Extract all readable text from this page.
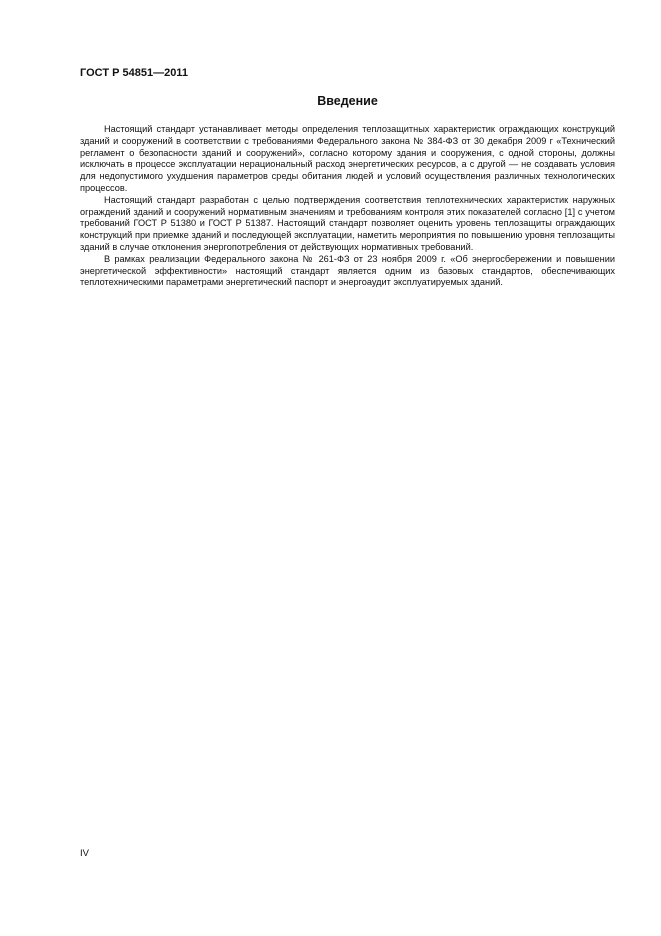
ГОСТ Р 54851—2011
Введение

Настоящий стандарт устанавливает методы определения теплозащитных характеристик ограждающих конструкций зданий и сооружений в соответствии с требованиями Федерального закона № 384-ФЗ от 30 декабря 2009 г «Технический регламент о безопасности зданий и сооружений», согласно которому здания и сооружения, с одной стороны, должны исключать в процессе эксплуатации нерациональный расход энергетических ресурсов, а с другой — не создавать условия для недопустимого ухудшения параметров среды обитания людей и условий осуществления различных технологических процессов.

Настоящий стандарт разработан с целью подтверждения соответствия теплотехнических характеристик наружных ограждений зданий и сооружений нормативным значениям и требованиям контроля этих показателей согласно [1] с учетом требований ГОСТ Р 51380 и ГОСТ Р 51387. Настоящий стандарт позволяет оценить уровень теплозащиты ограждающих конструкций при приемке зданий и последующей эксплуатации, наметить мероприятия по повышению уровня теплозащиты зданий в случае отклонения энергопотребления от действующих нормативных требований.

В рамках реализации Федерального закона № 261-ФЗ от 23 ноября 2009 г. «Об энергосбережении и повышении энергетической эффективности» настоящий стандарт является одним из базовых стандартов, обеспечивающих теплотехническими параметрами энергетический паспорт и энергоаудит эксплуатируемых зданий.

IV
